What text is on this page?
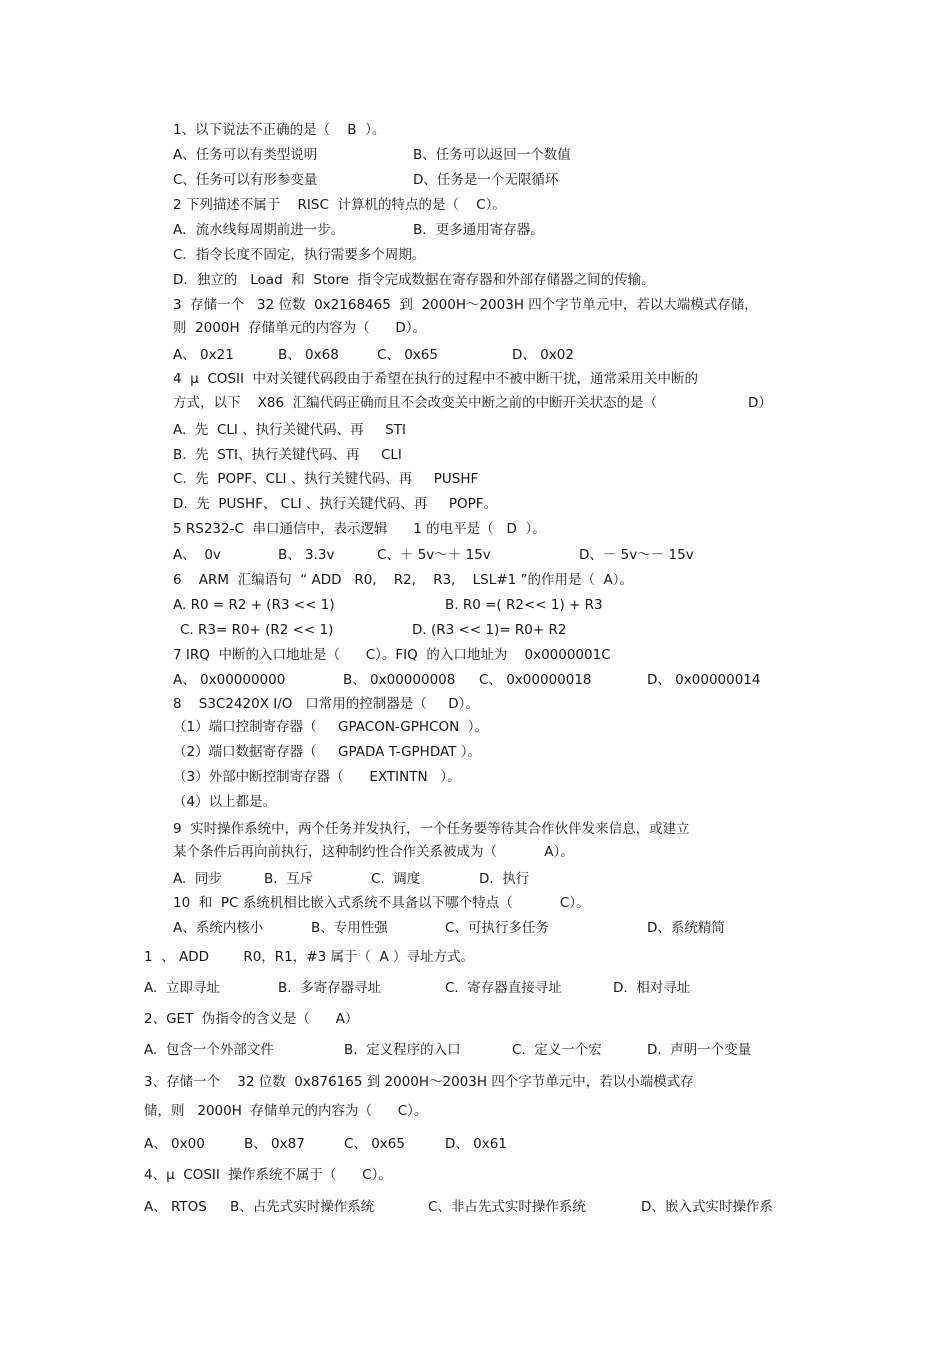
1、以下说法不正确的是（    B  ）。
A、任务可以有类型说明	B、任务可以返回一个数值
C、任务可以有形参变量	D、任务是一个无限循环
2 下列描述不属于    RISC  计算机的特点的是（    C）。
A．流水线每周期前进一步。	B．更多通用寄存器。
C．指令长度不固定，执行需要多个周期。
D．独立的   Load  和  Store  指令完成数据在寄存器和外部存储器之间的传输。
3  存储一个   32 位数  0x2168465  到  2000H～2003H 四个字节单元中，若以大端模式存储，
则  2000H  存储单元的内容为（      D）。
A、 0x21	B、 0x68	C、 0x65	D、 0x02
4  μ  COSII  中对关键代码段由于希望在执行的过程中不被中断干扰，通常采用关中断的
方式，以下    X86  汇编代码正确而且不会改变关中断之前的中断开关状态的是（	D）
A.  先  CLI 、执行关键代码、再     STI
B.  先  STI、执行关键代码、再     CLI
C.  先  POPF、CLI 、执行关键代码、再     PUSHF
D.  先  PUSHF、 CLI 、执行关键代码、再     POPF。
5 RS232-C  串口通信中，表示逻辑      1 的电平是（   D  ）。
A、  0v	B、 3.3v	C、＋ 5v～＋ 15v	D、－ 5v～－ 15v
6    ARM  汇编语句  “ ADD   R0,    R2,    R3,    LSL#1 ”的作用是（  A）。
A. R0 = R2 + (R3 << 1)	B. R0 =( R2<< 1) + R3
C. R3= R0+ (R2 << 1)	D. (R3 << 1)= R0+ R2
7 IRQ  中断的入口地址是（      C）。FIQ  的入口地址为    0x0000001C
A、 0x00000000	B、 0x00000008 C、 0x00000018	D、 0x00000014
8    S3C2420X I/O   口常用的控制器是（     D）。
（1）端口控制寄存器（     GPACON-GPHCON  ）。
（2）端口数据寄存器（     GPADA T-GPHDAT ）。
（3）外部中断控制寄存器（      EXTINTN   ）。
（4）以上都是。
9  实时操作系统中，两个任务并发执行，一个任务要等待其合作伙伴发来信息，或建立
某个条件后再向前执行，这种制约性合作关系被成为（           A）。
A.  同步	B.  互斥	C.  调度	D.  执行
10  和  PC 系统机相比嵌入式系统不具备以下哪个特点（           C）。
A、系统内核小	B、专用性强	C、可执行多任务	D、系统精简
1  、 ADD        R0，R1，#3 属于（  A ）寻址方式。
A.  立即寻址	B.  多寄存器寻址	C.  寄存器直接寻址	D.  相对寻址
2、GET  伪指令的含义是（      A）
A.  包含一个外部文件	B.  定义程序的入口	C.  定义一个宏	D.  声明一个变量
3、存储一个    32 位数  0x876165 到 2000H～2003H 四个字节单元中，若以小端模式存
储，则   2000H  存储单元的内容为（      C）。
A、 0x00	B、 0x87	C、 0x65	D、 0x61
4、μ  COSII  操作系统不属于（      C）。
A、 RTOS B、占先式实时操作系统	C、非占先式实时操作系统	D、嵌入式实时操作系
